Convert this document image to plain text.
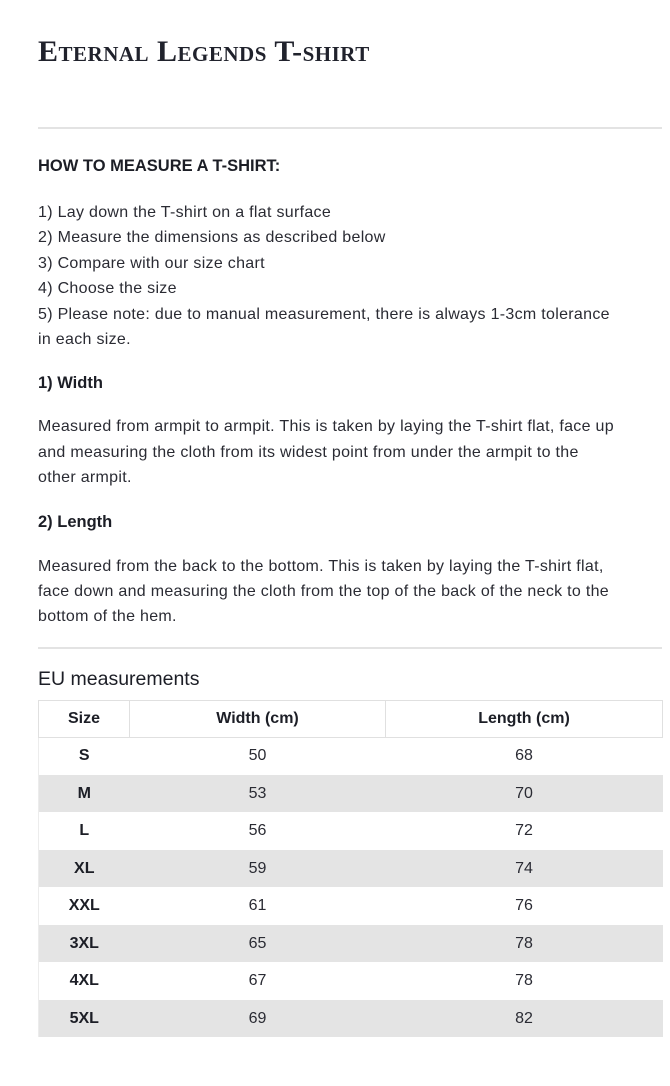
Eternal Legends T-shirt
HOW TO MEASURE A T-SHIRT:
1) Lay down the T-shirt on a flat surface
2) Measure the dimensions as described below
3) Compare with our size chart
4) Choose the size
5) Please note: due to manual measurement, there is always 1-3cm tolerance in each size.
1) Width

Measured from armpit to armpit. This is taken by laying the T-shirt flat, face up and measuring the cloth from its widest point from under the armpit to the other armpit.

2) Length

Measured from the back to the bottom. This is taken by laying the T-shirt flat, face down and measuring the cloth from the top of the back of the neck to the bottom of the hem.

EU measurements
Size	Width (cm)	Length (cm)
S	50	68
M	53	70
L	56	72
XL	59	74
XXL	61	76
3XL	65	78
4XL	67	78
5XL	69	82
